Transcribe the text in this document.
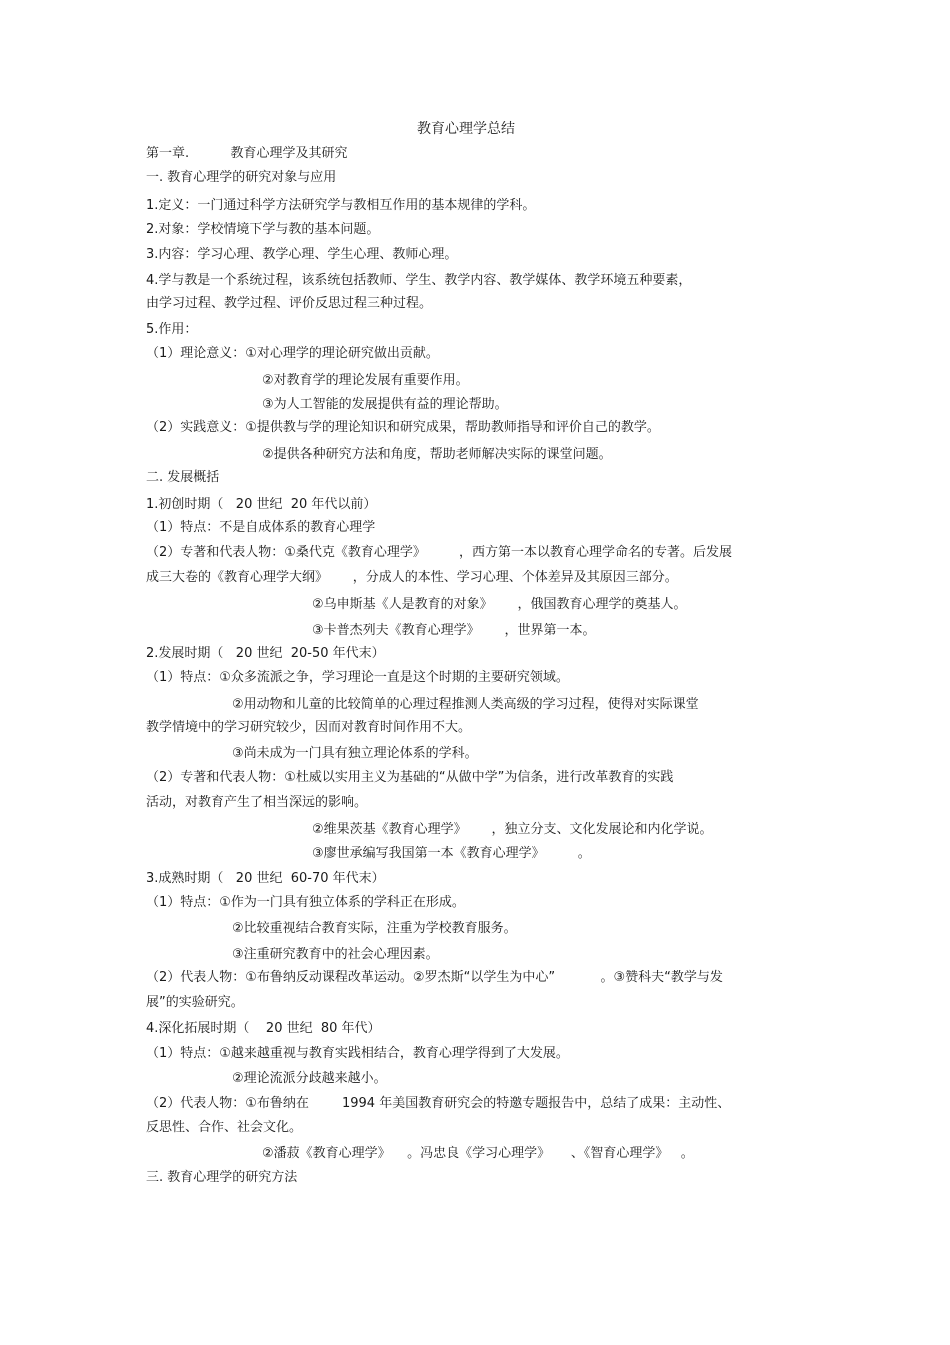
教育心理学总结
第一章.          教育心理学及其研究
一. 教育心理学的研究对象与应用
1.定义：一门通过科学方法研究学与教相互作用的基本规律的学科。
2.对象：学校情境下学与教的基本问题。
3.内容：学习心理、教学心理、学生心理、教师心理。
4.学与教是一个系统过程，该系统包括教师、学生、教学内容、教学媒体、教学环境五种要素，
由学习过程、教学过程、评价反思过程三种过程。
5.作用：
（1）理论意义：①对心理学的理论研究做出贡献。
②对教育学的理论发展有重要作用。
③为人工智能的发展提供有益的理论帮助。
（2）实践意义：①提供教与学的理论知识和研究成果，帮助教师指导和评价自己的教学。
②提供各种研究方法和角度，帮助老师解决实际的课堂问题。
二. 发展概括
1.初创时期（   20 世纪  20 年代以前）
（1）特点：不是自成体系的教育心理学
（2）专著和代表人物：①桑代克《教育心理学》        ，西方第一本以教育心理学命名的专著。后发展
成三大卷的《教育心理学大纲》      ，分成人的本性、学习心理、个体差异及其原因三部分。
②乌申斯基《人是教育的对象》      ，俄国教育心理学的奠基人。
③卡普杰列夫《教育心理学》      ，世界第一本。
2.发展时期（   20 世纪  20-50 年代末）
（1）特点：①众多流派之争，学习理论一直是这个时期的主要研究领域。
②用动物和儿童的比较简单的心理过程推测人类高级的学习过程，使得对实际课堂
教学情境中的学习研究较少，因而对教育时间作用不大。
③尚未成为一门具有独立理论体系的学科。
（2）专著和代表人物：①杜威以实用主义为基础的“从做中学”为信条，进行改革教育的实践
活动，对教育产生了相当深远的影响。
②维果茨基《教育心理学》      ，独立分支、文化发展论和内化学说。
③廖世承编写我国第一本《教育心理学》        。
3.成熟时期（   20 世纪  60-70 年代末）
（1）特点：①作为一门具有独立体系的学科正在形成。
②比较重视结合教育实际，注重为学校教育服务。
③注重研究教育中的社会心理因素。
（2）代表人物：①布鲁纳反动课程改革运动。②罗杰斯“以学生为中心”           。③赞科夫“教学与发
展”的实验研究。
4.深化拓展时期（    20 世纪  80 年代）
（1）特点：①越来越重视与教育实践相结合，教育心理学得到了大发展。
②理论流派分歧越来越小。
（2）代表人物：①布鲁纳在        1994 年美国教育研究会的特邀专题报告中，总结了成果：主动性、
反思性、合作、社会文化。
②潘菽《教育心理学》    。冯忠良《学习心理学》     、《智育心理学》   。
三. 教育心理学的研究方法
